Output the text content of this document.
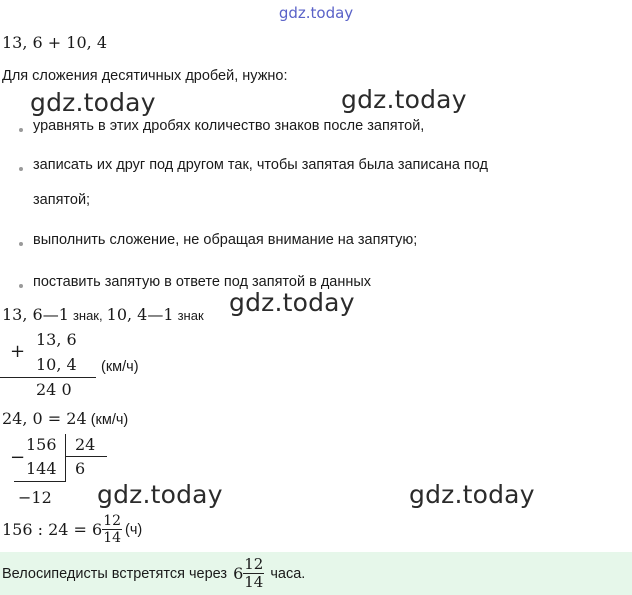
gdz.today
13, 6 + 10, 4
Для сложения десятичных дробей, нужно:
gdz.today	gdz.today
уравнять в этих дробях количество знаков после запятой,
записать их друг под другом так, чтобы запятая была записана под
запятой;
выполнить сложение, не обращая внимание на запятую;
поставить запятую в ответе под запятой в данных
13, 6—1 знак, 10, 4—1 знак gdz.today
+
13, 6
10, 4 (км/ч)
24 0
24, 0 = 24 (км/ч)
−
156
144
24
6
−12 gdz.today	gdz.today
156 : $24 = 6 \frac{12}{14} (ч)$
Велосипедисты встретятся через $6 \frac{12}{14}$ часа.
